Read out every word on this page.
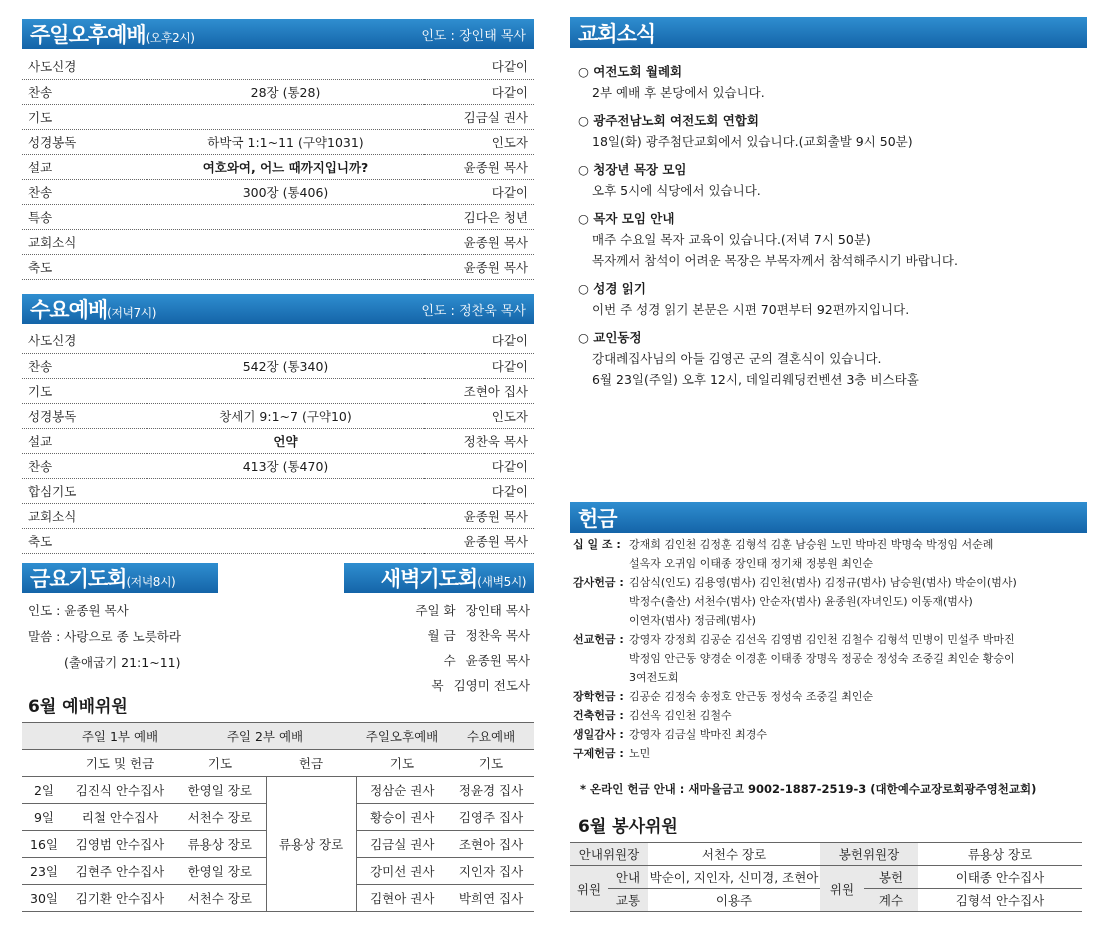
주일오후예배(오후2시)	인도 : 장인태 목사
사도신경		다같이
찬송	28장 (통28)	다같이
기도		김금실 권사
성경봉독	하박국 1:1~11 (구약1031)	인도자
설교	여호와여, 어느 때까지입니까?	윤종원 목사
찬송	300장 (통406)	다같이
특송		김다은 청년
교회소식		윤종원 목사
축도		윤종원 목사
수요예배(저녁7시)	인도 : 정찬욱 목사
사도신경		다같이
찬송	542장 (통340)	다같이
기도		조현아 집사
성경봉독	창세기 9:1~7 (구약10)	인도자
설교	언약	정찬욱 목사
찬송	413장 (통470)	다같이
합심기도		다같이
교회소식		윤종원 목사
축도		윤종원 목사
금요기도회(저녁8시)
인도 : 윤종원 목사
말씀 : 사랑으로 종 노릇하라
(출애굽기 21:1~11)
새벽기도회(새벽5시)
주일 화 장인태 목사
월 금 정찬욱 목사
수 윤종원 목사
목 김영미 전도사
6월 예배위원
	주일 1부 예배	주일 2부 예배		주일오후예배	수요예배
	기도 및 헌금	기도	헌금	기도	기도
2일	김진식 안수집사	한영일 장로	류용상 장로	정삼순 권사	정윤경 집사
9일	리철 안수집사	서천수 장로		황승이 권사	김영주 집사
16일	김영범 안수집사	류용상 장로		김금실 권사	조현아 집사
23일	김현주 안수집사	한영일 장로		강미선 권사	지인자 집사
30일	김기환 안수집사	서천수 장로		김현아 권사	박희연 집사
교회소식
○ 여전도회 월례회
2부 예배 후 본당에서 있습니다.
○ 광주전남노회 여전도회 연합회
18일(화) 광주첨단교회에서 있습니다.(교회출발 9시 50분)
○ 청장년 목장 모임
오후 5시에 식당에서 있습니다.
○ 목자 모임 안내
매주 수요일 목자 교육이 있습니다.(저녁 7시 50분)
목자께서 참석이 어려운 목장은 부목자께서 참석해주시기 바랍니다.
○ 성경 읽기
이번 주 성경 읽기 본문은 시편 70편부터 92편까지입니다.
○ 교인동정
강대례집사님의 아들 김영곤 군의 결혼식이 있습니다.
6월 23일(주일) 오후 12시, 데일리웨딩컨벤션 3층 비스타홀
헌금
십 일 조 : 강재희 김인천 김정훈 김형석 김훈 남승원 노민 박마진 박명숙 박정임 서순례
설옥자 오귀임 이태종 장인태 정기채 정봉원 최인순
감사헌금 : 김삼식(인도) 김용영(범사) 김인천(범사) 김정규(범사) 남승원(범사) 박순이(범사)
박정수(출산) 서천수(범사) 안순자(범사) 윤종원(자녀인도) 이동재(범사)
이연자(범사) 정금례(범사)
선교헌금 : 강영자 강정희 김공순 김선옥 김영범 김인천 김철수 김형석 민병이 민설주 박마진
박정임 안근동 양경순 이경훈 이태종 장명옥 정공순 정성숙 조중길 최인순 황승이
3여전도회
장학헌금 : 김공순 김정숙 송정호 안근동 정성숙 조중길 최인순
건축헌금 : 김선옥 김인천 김철수
생일감사 : 강영자 김금실 박마진 최경수
구제헌금 : 노민
* 온라인 헌금 안내 : 새마을금고 9002-1887-2519-3 (대한예수교장로회광주영천교회)
6월 봉사위원
안내위원장		서천수 장로	봉헌위원장		류용상 장로
위원	안내	박순이, 지인자, 신미경, 조현아	위원	봉헌	이태종 안수집사
	교통	이용주		계수	김형석 안수집사
